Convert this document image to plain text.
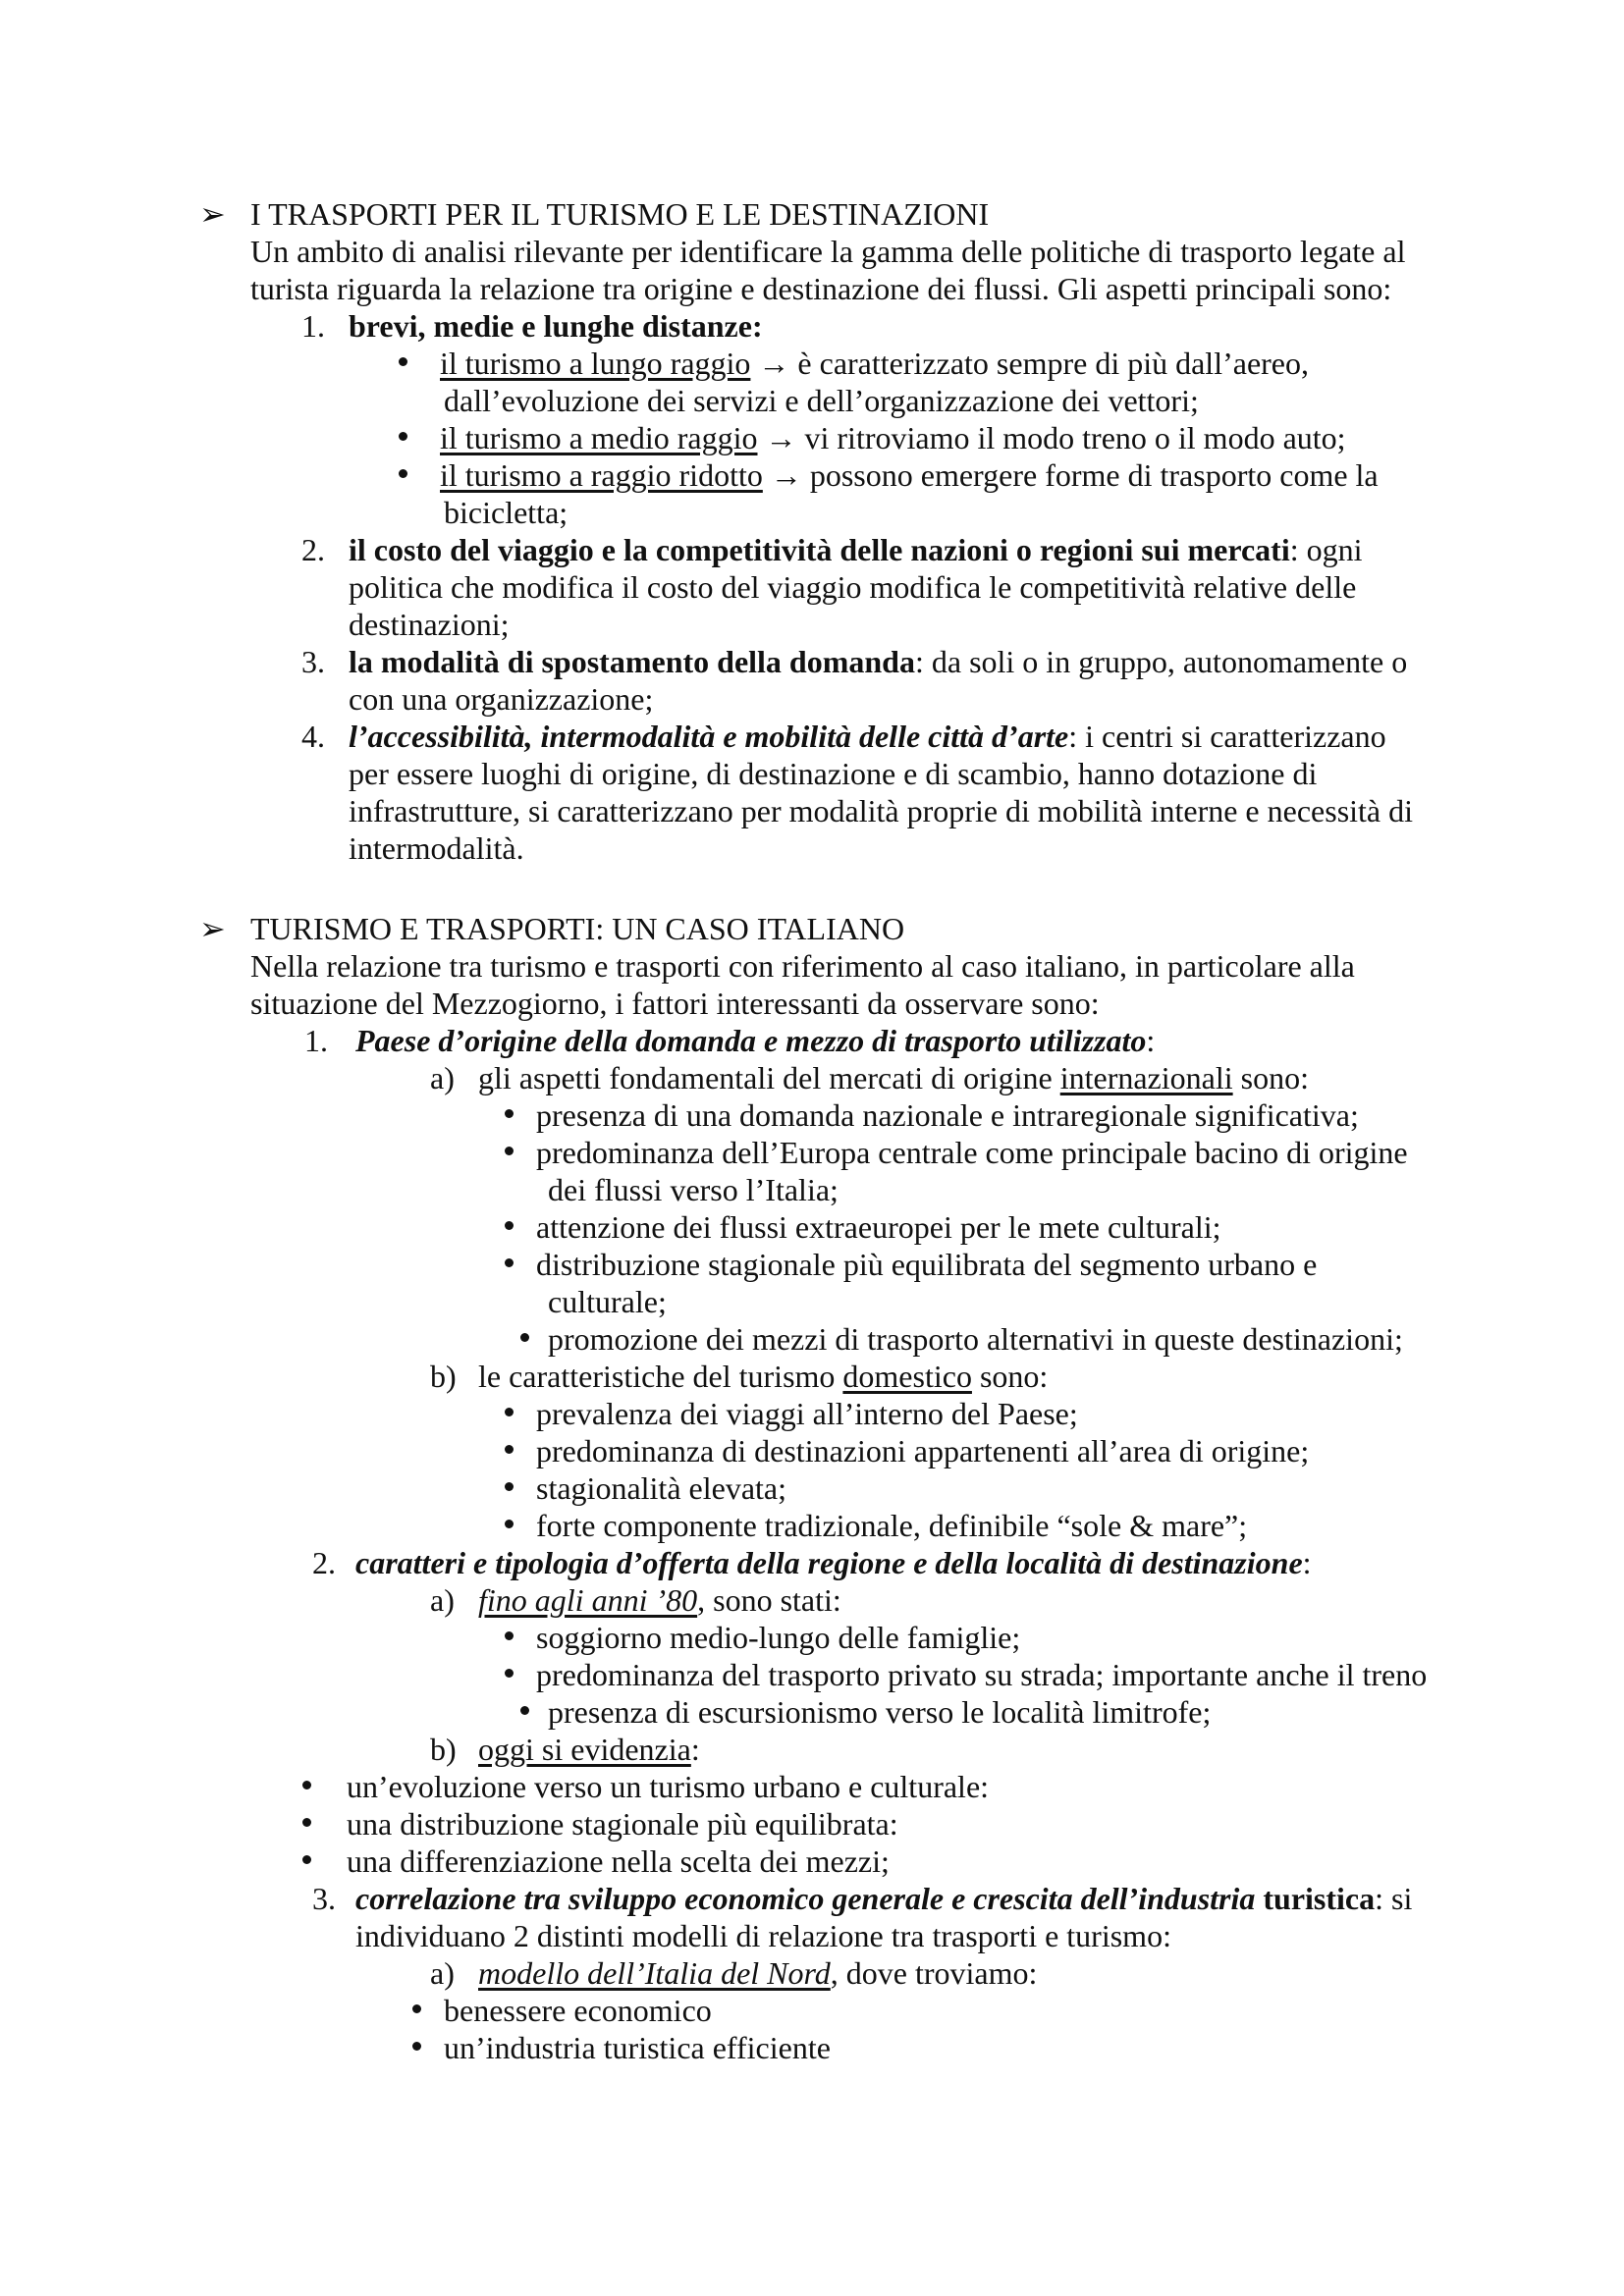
➢ I TRASPORTI PER IL TURISMO E LE DESTINAZIONI
Un ambito di analisi rilevante per identificare la gamma delle politiche di trasporto legate al
turista riguarda la relazione tra origine e destinazione dei flussi. Gli aspetti principali sono:
1. brevi, medie e lunghe distanze:
il turismo a lungo raggio → è caratterizzato sempre di più dall’aereo,
dall’evoluzione dei servizi e dell’organizzazione dei vettori;
il turismo a medio raggio → vi ritroviamo il modo treno o il modo auto;
il turismo a raggio ridotto → possono emergere forme di trasporto come la
bicicletta;
2. il costo del viaggio e la competitività delle nazioni o regioni sui mercati: ogni
politica che modifica il costo del viaggio modifica le competitività relative delle
destinazioni;
3. la modalità di spostamento della domanda: da soli o in gruppo, autonomamente o
con una organizzazione;
4. l’accessibilità, intermodalità e mobilità delle città d’arte: i centri si caratterizzano
per essere luoghi di origine, di destinazione e di scambio, hanno dotazione di
infrastrutture, si caratterizzano per modalità proprie di mobilità interne e necessità di
intermodalità.
➢ TURISMO E TRASPORTI: UN CASO ITALIANO
Nella relazione tra turismo e trasporti con riferimento al caso italiano, in particolare alla
situazione del Mezzogiorno, i fattori interessanti da osservare sono:
1. Paese d’origine della domanda e mezzo di trasporto utilizzato:
a) gli aspetti fondamentali del mercati di origine internazionali sono:
presenza di una domanda nazionale e intraregionale significativa;
predominanza dell’Europa centrale come principale bacino di origine
dei flussi verso l’Italia;
attenzione dei flussi extraeuropei per le mete culturali;
distribuzione stagionale più equilibrata del segmento urbano e
culturale;
promozione dei mezzi di trasporto alternativi in queste destinazioni;
b) le caratteristiche del turismo domestico sono:
prevalenza dei viaggi all’interno del Paese;
predominanza di destinazioni appartenenti all’area di origine;
stagionalità elevata;
forte componente tradizionale, definibile “sole & mare”;
2. caratteri e tipologia d’offerta della regione e della località di destinazione:
a) fino agli anni ’80, sono stati:
soggiorno medio-lungo delle famiglie;
predominanza del trasporto privato su strada; importante anche il treno
presenza di escursionismo verso le località limitrofe;
b) oggi si evidenzia:
un’evoluzione verso un turismo urbano e culturale:
una distribuzione stagionale più equilibrata:
una differenziazione nella scelta dei mezzi;
3. correlazione tra sviluppo economico generale e crescita dell’industria turistica: si
individuano 2 distinti modelli di relazione tra trasporti e turismo:
a) modello dell’Italia del Nord, dove troviamo:
benessere economico
un’industria turistica efficiente
